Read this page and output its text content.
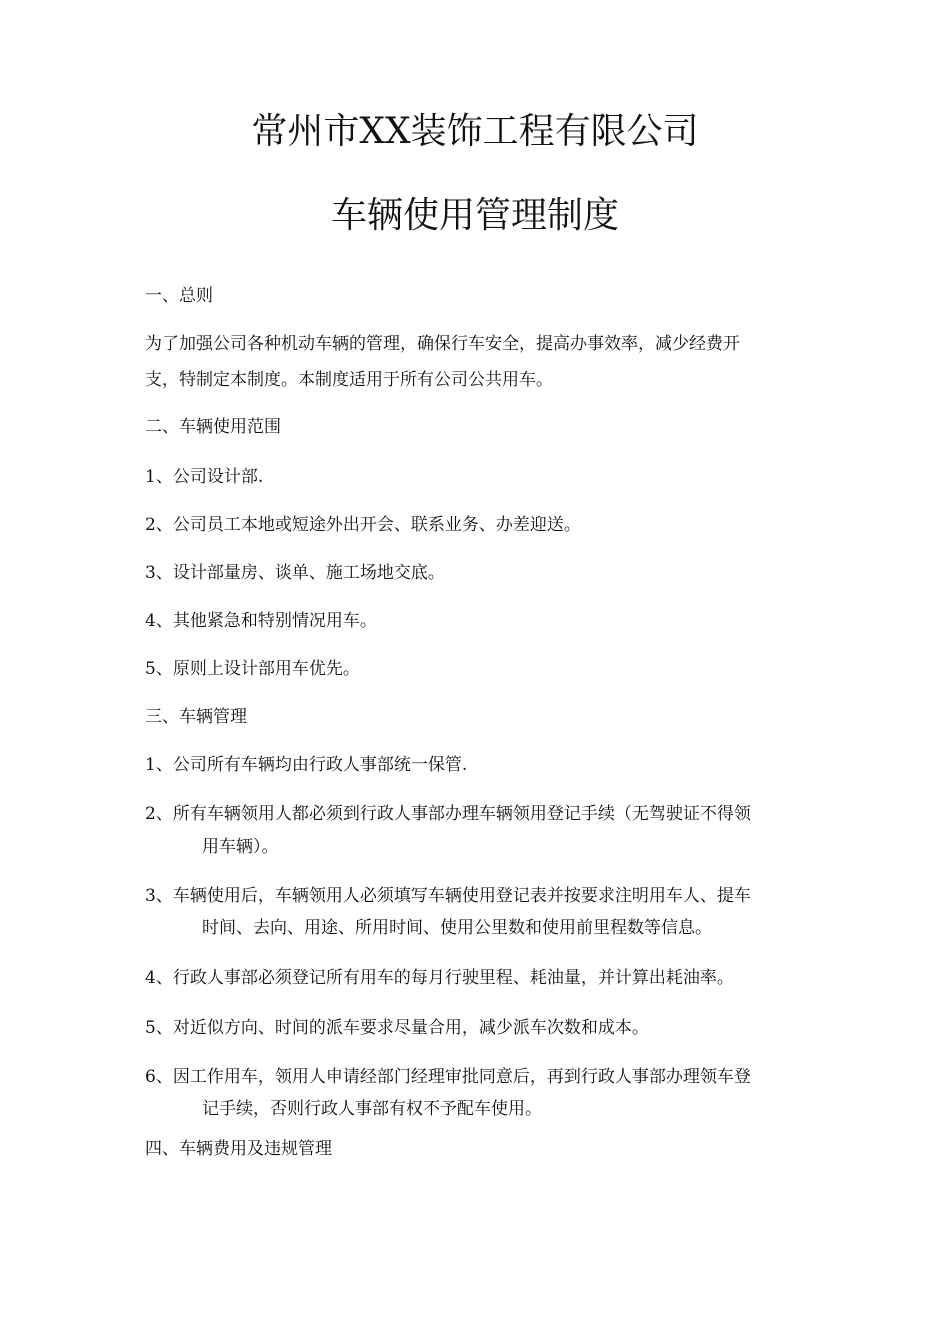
常州市XX装饰工程有限公司
车辆使用管理制度
一、总则
为了加强公司各种机动车辆的管理，确保行车安全，提高办事效率，减少经费开
支，特制定本制度。本制度适用于所有公司公共用车。
二、车辆使用范围
1、公司设计部.
2、公司员工本地或短途外出开会、联系业务、办差迎送。
3、设计部量房、谈单、施工场地交底。
4、其他紧急和特别情况用车。
5、原则上设计部用车优先。
三、车辆管理
1、公司所有车辆均由行政人事部统一保管.
2、所有车辆领用人都必须到行政人事部办理车辆领用登记手续（无驾驶证不得领
用车辆）。
3、车辆使用后，车辆领用人必须填写车辆使用登记表并按要求注明用车人、提车
时间、去向、用途、所用时间、使用公里数和使用前里程数等信息。
4、行政人事部必须登记所有用车的每月行驶里程、耗油量，并计算出耗油率。
5、对近似方向、时间的派车要求尽量合用，减少派车次数和成本。
6、因工作用车，领用人申请经部门经理审批同意后，再到行政人事部办理领车登
记手续，否则行政人事部有权不予配车使用。
四、车辆费用及违规管理
